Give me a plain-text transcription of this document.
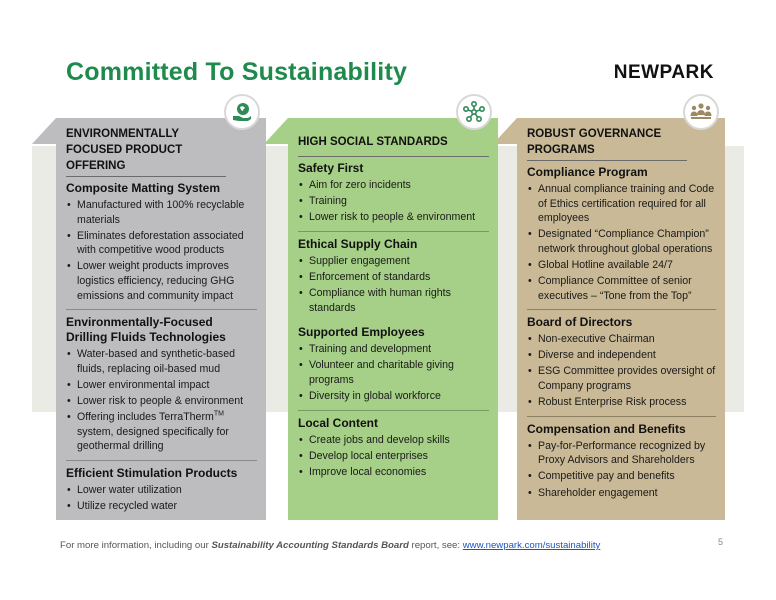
Committed To Sustainability	NEWPARK
ENVIRONMENTALLY FOCUSED PRODUCT OFFERING
Composite Matting System
• Manufactured with 100% recyclable materials
• Eliminates deforestation associated with competitive wood products
• Lower weight products improves logistics efficiency, reducing GHG emissions and community impact
Environmentally-Focused Drilling Fluids Technologies
• Water-based and synthetic-based fluids, replacing oil-based mud
• Lower environmental impact
• Lower risk to people & environment
• Offering includes TerraTherm™ system, designed specifically for geothermal drilling
Efficient Stimulation Products
• Lower water utilization
• Utilize recycled water
HIGH SOCIAL STANDARDS
Safety First
• Aim for zero incidents
• Training
• Lower risk to people & environment
Ethical Supply Chain
• Supplier engagement
• Enforcement of standards
• Compliance with human rights standards
Supported Employees
• Training and development
• Volunteer and charitable giving programs
• Diversity in global workforce
Local Content
• Create jobs and develop skills
• Develop local enterprises
• Improve local economies
ROBUST GOVERNANCE PROGRAMS
Compliance Program
• Annual compliance training and Code of Ethics certification required for all employees
• Designated “Compliance Champion” network throughout global operations
• Global Hotline available 24/7
• Compliance Committee of senior executives – “Tone from the Top”
Board of Directors
• Non-executive Chairman
• Diverse and independent
• ESG Committee provides oversight of Company programs
• Robust Enterprise Risk process
Compensation and Benefits
• Pay-for-Performance recognized by Proxy Advisors and Shareholders
• Competitive pay and benefits
• Shareholder engagement
For more information, including our Sustainability Accounting Standards Board report, see: www.newpark.com/sustainability	5
